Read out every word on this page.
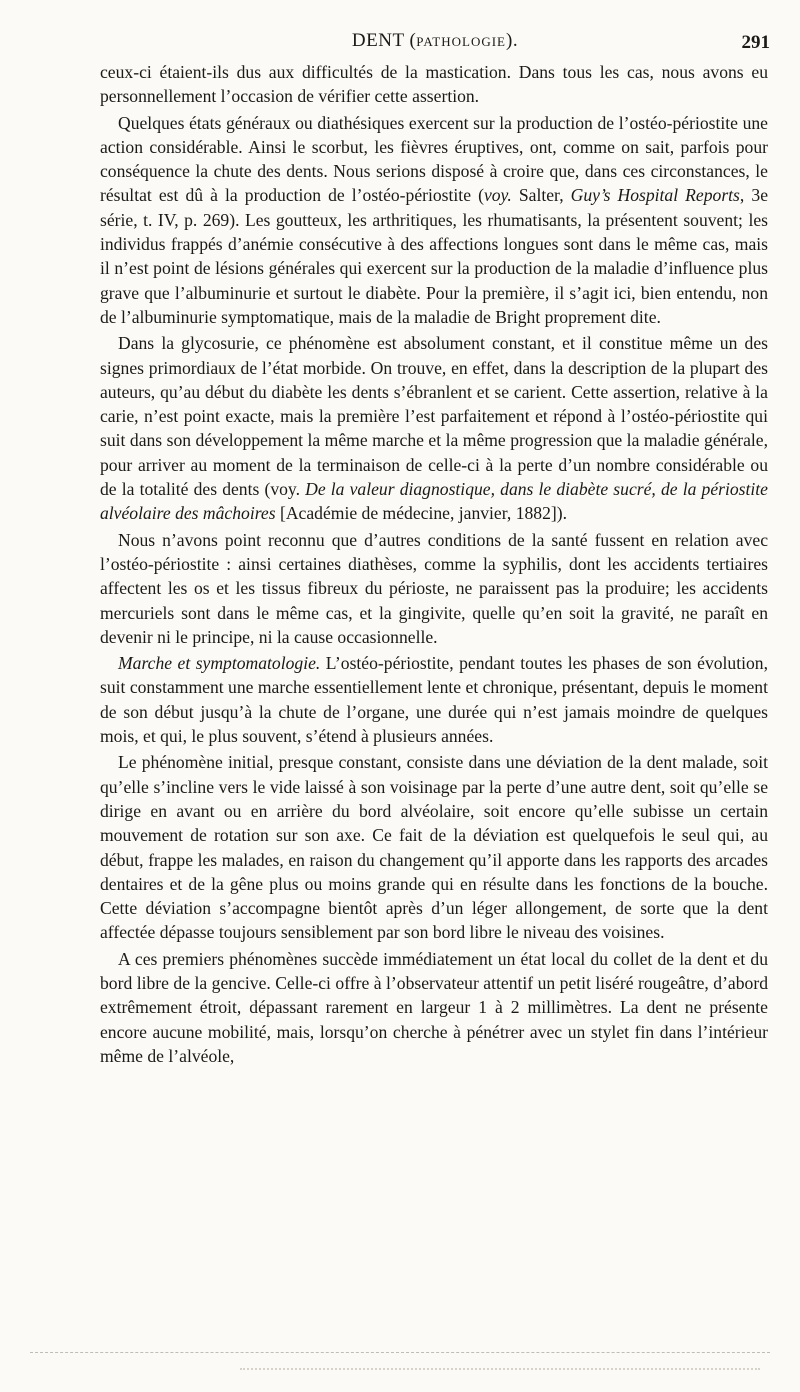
DENT (PATHOLOGIE).	291

ceux-ci étaient-ils dus aux difficultés de la mastication. Dans tous les cas, nous avons eu personnellement l’occasion de vérifier cette assertion.

Quelques états généraux ou diathésiques exercent sur la production de l’ostéo-périostite une action considérable. Ainsi le scorbut, les fièvres éruptives, ont, comme on sait, parfois pour conséquence la chute des dents. Nous serions disposé à croire que, dans ces circonstances, le résultat est dû à la production de l’ostéo-périostite (voy. Salter, Guy’s Hospital Reports, 3e série, t. IV, p. 269). Les goutteux, les arthritiques, les rhumatisants, la présentent souvent; les individus frappés d’anémie consécutive à des affections longues sont dans le même cas, mais il n’est point de lésions générales qui exercent sur la production de la maladie d’influence plus grave que l’albuminurie et surtout le diabète. Pour la première, il s’agit ici, bien entendu, non de l’albuminurie symptomatique, mais de la maladie de Bright proprement dite.

Dans la glycosurie, ce phénomène est absolument constant, et il constitue même un des signes primordiaux de l’état morbide. On trouve, en effet, dans la description de la plupart des auteurs, qu’au début du diabète les dents s’ébranlent et se carient. Cette assertion, relative à la carie, n’est point exacte, mais la première l’est parfaitement et répond à l’ostéo-périostite qui suit dans son développement la même marche et la même progression que la maladie générale, pour arriver au moment de la terminaison de celle-ci à la perte d’un nombre considérable ou de la totalité des dents (voy. De la valeur diagnostique, dans le diabète sucré, de la périostite alvéolaire des mâchoires [Académie de médecine, janvier, 1882]).

Nous n’avons point reconnu que d’autres conditions de la santé fussent en relation avec l’ostéo-périostite : ainsi certaines diathèses, comme la syphilis, dont les accidents tertiaires affectent les os et les tissus fibreux du périoste, ne paraissent pas la produire; les accidents mercuriels sont dans le même cas, et la gingivite, quelle qu’en soit la gravité, ne paraît en devenir ni le principe, ni la cause occasionnelle.

Marche et symptomatologie. L’ostéo-périostite, pendant toutes les phases de son évolution, suit constamment une marche essentiellement lente et chronique, présentant, depuis le moment de son début jusqu’à la chute de l’organe, une durée qui n’est jamais moindre de quelques mois, et qui, le plus souvent, s’étend à plusieurs années.

Le phénomène initial, presque constant, consiste dans une déviation de la dent malade, soit qu’elle s’incline vers le vide laissé à son voisinage par la perte d’une autre dent, soit qu’elle se dirige en avant ou en arrière du bord alvéolaire, soit encore qu’elle subisse un certain mouvement de rotation sur son axe. Ce fait de la déviation est quelquefois le seul qui, au début, frappe les malades, en raison du changement qu’il apporte dans les rapports des arcades dentaires et de la gêne plus ou moins grande qui en résulte dans les fonctions de la bouche. Cette déviation s’accompagne bientôt après d’un léger allongement, de sorte que la dent affectée dépasse toujours sensiblement par son bord libre le niveau des voisines.

A ces premiers phénomènes succède immédiatement un état local du collet de la dent et du bord libre de la gencive. Celle-ci offre à l’observateur attentif un petit liséré rougeâtre, d’abord extrêmement étroit, dépassant rarement en largeur 1 à 2 millimètres. La dent ne présente encore aucune mobilité, mais, lorsqu’on cherche à pénétrer avec un stylet fin dans l’intérieur même de l’alvéole,
